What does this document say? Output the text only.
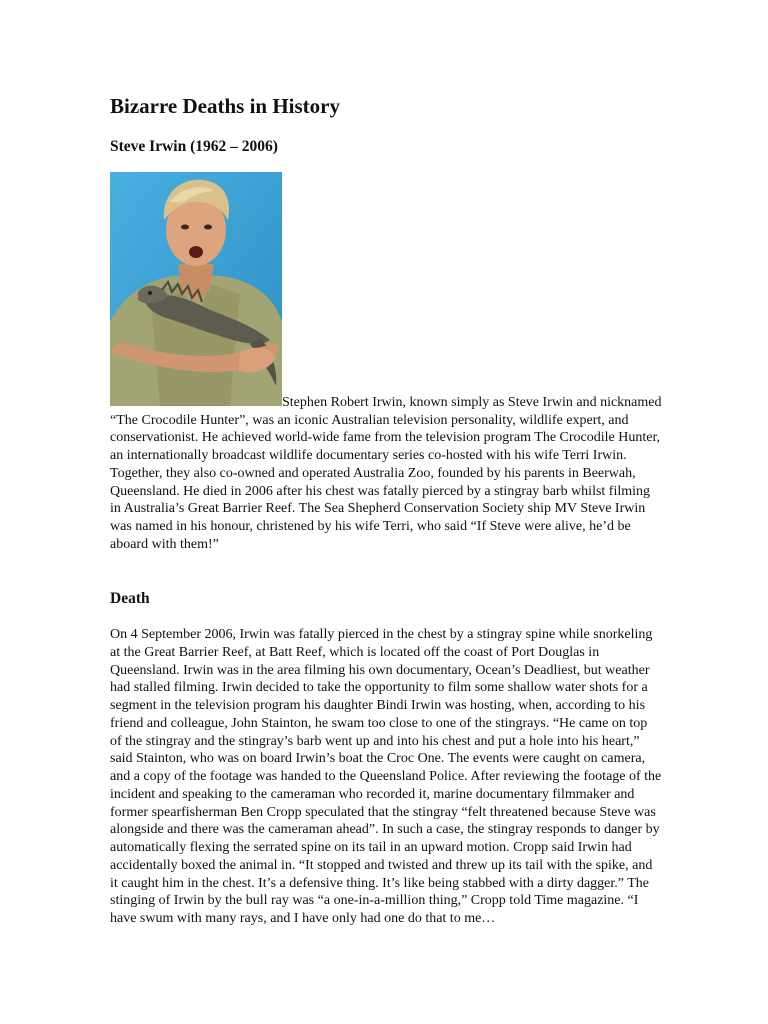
Bizarre Deaths in History
Steve Irwin (1962 – 2006)

Stephen Robert Irwin, known simply as Steve Irwin and nicknamed “The Crocodile Hunter”, was an iconic Australian television personality, wildlife expert, and conservationist. He achieved world-wide fame from the television program The Crocodile Hunter, an internationally broadcast wildlife documentary series co-hosted with his wife Terri Irwin. Together, they also co-owned and operated Australia Zoo, founded by his parents in Beerwah, Queensland. He died in 2006 after his chest was fatally pierced by a stingray barb whilst filming in Australia’s Great Barrier Reef. The Sea Shepherd Conservation Society ship MV Steve Irwin was named in his honour, christened by his wife Terri, who said “If Steve were alive, he’d be aboard with them!”

Death

On 4 September 2006, Irwin was fatally pierced in the chest by a stingray spine while snorkeling at the Great Barrier Reef, at Batt Reef, which is located off the coast of Port Douglas in Queensland. Irwin was in the area filming his own documentary, Ocean’s Deadliest, but weather had stalled filming. Irwin decided to take the opportunity to film some shallow water shots for a segment in the television program his daughter Bindi Irwin was hosting, when, according to his friend and colleague, John Stainton, he swam too close to one of the stingrays. “He came on top of the stingray and the stingray’s barb went up and into his chest and put a hole into his heart,” said Stainton, who was on board Irwin’s boat the Croc One. The events were caught on camera, and a copy of the footage was handed to the Queensland Police. After reviewing the footage of the incident and speaking to the cameraman who recorded it, marine documentary filmmaker and former spearfisherman Ben Cropp speculated that the stingray “felt threatened because Steve was alongside and there was the cameraman ahead”. In such a case, the stingray responds to danger by automatically flexing the serrated spine on its tail in an upward motion. Cropp said Irwin had accidentally boxed the animal in. “It stopped and twisted and threw up its tail with the spike, and it caught him in the chest. It’s a defensive thing. It’s like being stabbed with a dirty dagger.” The stinging of Irwin by the bull ray was “a one-in-a-million thing,” Cropp told Time magazine. “I have swum with many rays, and I have only had one do that to me…
